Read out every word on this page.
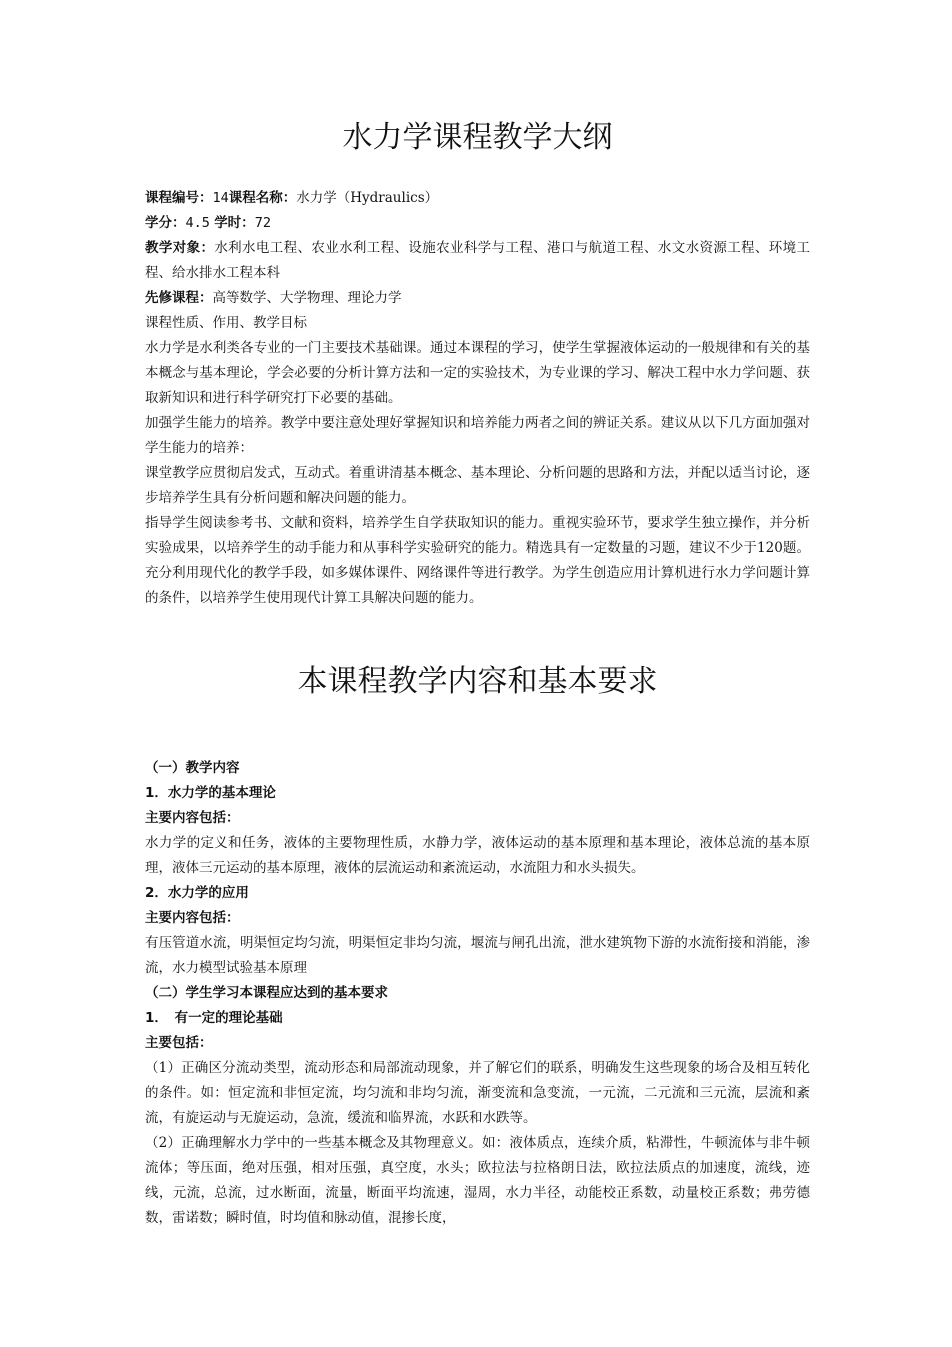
水力学课程教学大纲

课程编号：14课程名称：水力学（Hydraulics）

学分：4.5 学时：72

教学对象：水利水电工程、农业水利工程、设施农业科学与工程、港口与航道工程、水文水资源工程、环境工程、给水排水工程本科

先修课程：高等数学、大学物理、理论力学

课程性质、作用、教学目标

水力学是水利类各专业的一门主要技术基础课。通过本课程的学习，使学生掌握液体运动的一般规律和有关的基本概念与基本理论，学会必要的分析计算方法和一定的实验技术，为专业课的学习、解决工程中水力学问题、获取新知识和进行科学研究打下必要的基础。

加强学生能力的培养。教学中要注意处理好掌握知识和培养能力两者之间的辨证关系。建议从以下几方面加强对学生能力的培养：

课堂教学应贯彻启发式，互动式。着重讲清基本概念、基本理论、分析问题的思路和方法，并配以适当讨论，逐步培养学生具有分析问题和解决问题的能力。

指导学生阅读参考书、文献和资料，培养学生自学获取知识的能力。重视实验环节，要求学生独立操作，并分析实验成果，以培养学生的动手能力和从事科学实验研究的能力。精选具有一定数量的习题，建议不少于120题。充分利用现代化的教学手段，如多媒体课件、网络课件等进行教学。为学生创造应用计算机进行水力学问题计算的条件，以培养学生使用现代计算工具解决问题的能力。

本课程教学内容和基本要求

（一）教学内容

1．水力学的基本理论

主要内容包括：

水力学的定义和任务，液体的主要物理性质，水静力学，液体运动的基本原理和基本理论，液体总流的基本原理，液体三元运动的基本原理，液体的层流运动和紊流运动，水流阻力和水头损失。

2．水力学的应用

主要内容包括：

有压管道水流，明渠恒定均匀流，明渠恒定非均匀流，堰流与闸孔出流，泄水建筑物下游的水流衔接和消能，渗流，水力模型试验基本原理

（二）学生学习本课程应达到的基本要求

1．　有一定的理论基础

主要包括：

（1）正确区分流动类型，流动形态和局部流动现象，并了解它们的联系，明确发生这些现象的场合及相互转化的条件。如：恒定流和非恒定流，均匀流和非均匀流，渐变流和急变流，一元流，二元流和三元流，层流和紊流，有旋运动与无旋运动，急流，缓流和临界流，水跃和水跌等。

（2）正确理解水力学中的一些基本概念及其物理意义。如：液体质点，连续介质，粘滞性，牛顿流体与非牛顿流体；等压面，绝对压强，相对压强，真空度，水头；欧拉法与拉格朗日法，欧拉法质点的加速度，流线，迹线，元流，总流，过水断面，流量，断面平均流速，湿周，水力半径，动能校正系数，动量校正系数；弗劳德数，雷诺数；瞬时值，时均值和脉动值，混掺长度，
